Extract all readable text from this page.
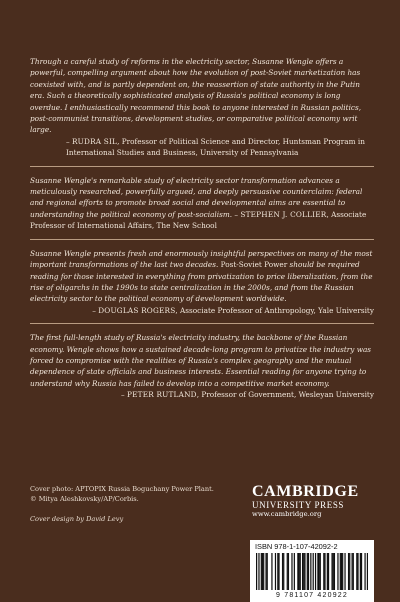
Through a careful study of reforms in the electricity sector, Susanne Wengle offers a powerful, compelling argument about how the evolution of post-Soviet marketization has coexisted with, and is partly dependent on, the reassertion of state authority in the Putin era. Such a theoretically sophisticated analysis of Russia's political economy is long overdue. I enthusiastically recommend this book to anyone interested in Russian politics, post-communist transitions, development studies, or comparative political economy writ large.
– RUDRA SIL, Professor of Political Science and Director, Huntsman Program in International Studies and Business, University of Pennsylvania
Susanne Wengle's remarkable study of electricity sector transformation advances a meticulously researched, powerfully argued, and deeply persuasive counterclaim: federal and regional efforts to promote broad social and developmental aims are essential to understanding the political economy of post-socialism. – STEPHEN J. COLLIER, Associate Professor of International Affairs, The New School
Susanne Wengle presents fresh and enormously insightful perspectives on many of the most important transformations of the last two decades. Post-Soviet Power should be required reading for those interested in everything from privatization to price liberalization, from the rise of oligarchs in the 1990s to state centralization in the 2000s, and from the Russian electricity sector to the political economy of development worldwide.
– DOUGLAS ROGERS, Associate Professor of Anthropology, Yale University
The first full-length study of Russia's electricity industry, the backbone of the Russian economy. Wengle shows how a sustained decade-long program to privatize the industry was forced to compromise with the realities of Russia's complex geography and the mutual dependence of state officials and business interests. Essential reading for anyone trying to understand why Russia has failed to develop into a competitive market economy.
– PETER RUTLAND, Professor of Government, Wesleyan University
Cover photo: APTOPIX Russia Boguchany Power Plant. © Mitya Aleshkovsky/AP/Corbis.
Cover design by David Levy
CAMBRIDGE
UNIVERSITY PRESS
www.cambridge.org
ISBN 978-1-107-42092-2
9 781107 420922
